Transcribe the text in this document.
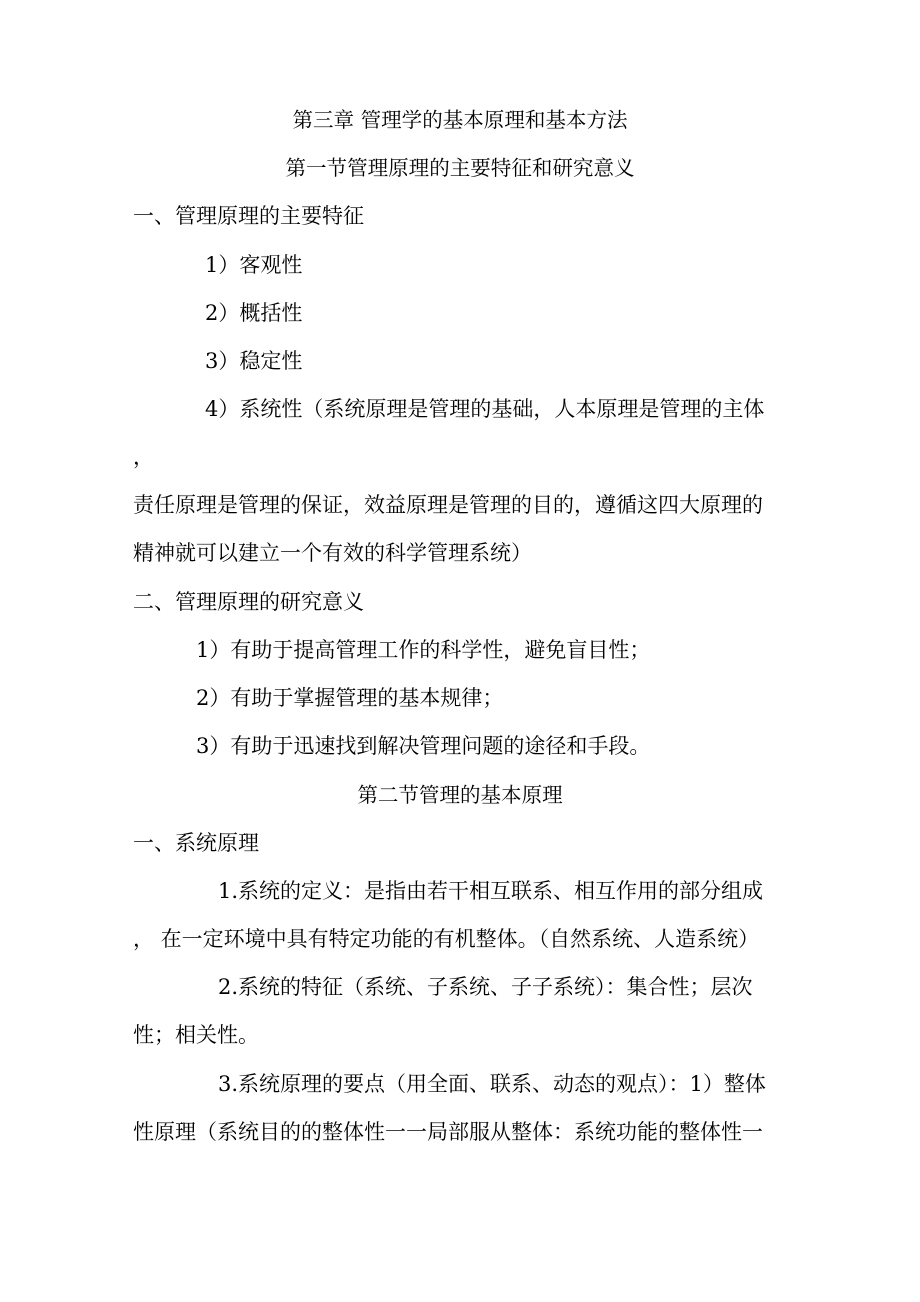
第三章 管理学的基本原理和基本方法
第一节管理原理的主要特征和研究意义
一、管理原理的主要特征
1）客观性
2）概括性
3）稳定性
4）系统性（系统原理是管理的基础，人本原理是管理的主体
，
责任原理是管理的保证，效益原理是管理的目的，遵循这四大原理的
精神就可以建立一个有效的科学管理系统）
二、管理原理的研究意义
1）有助于提高管理工作的科学性，避免盲目性；
2）有助于掌握管理的基本规律；
3）有助于迅速找到解决管理问题的途径和手段。
第二节管理的基本原理
一、系统原理
1.系统的定义：是指由若干相互联系、相互作用的部分组成
， 在一定环境中具有特定功能的有机整体。（自然系统、人造系统）
2.系统的特征（系统、子系统、子子系统）：集合性；层次
性；相关性。
3.系统原理的要点（用全面、联系、动态的观点）：1）整体
性原理（系统目的的整体性一一局部服从整体：系统功能的整体性一
